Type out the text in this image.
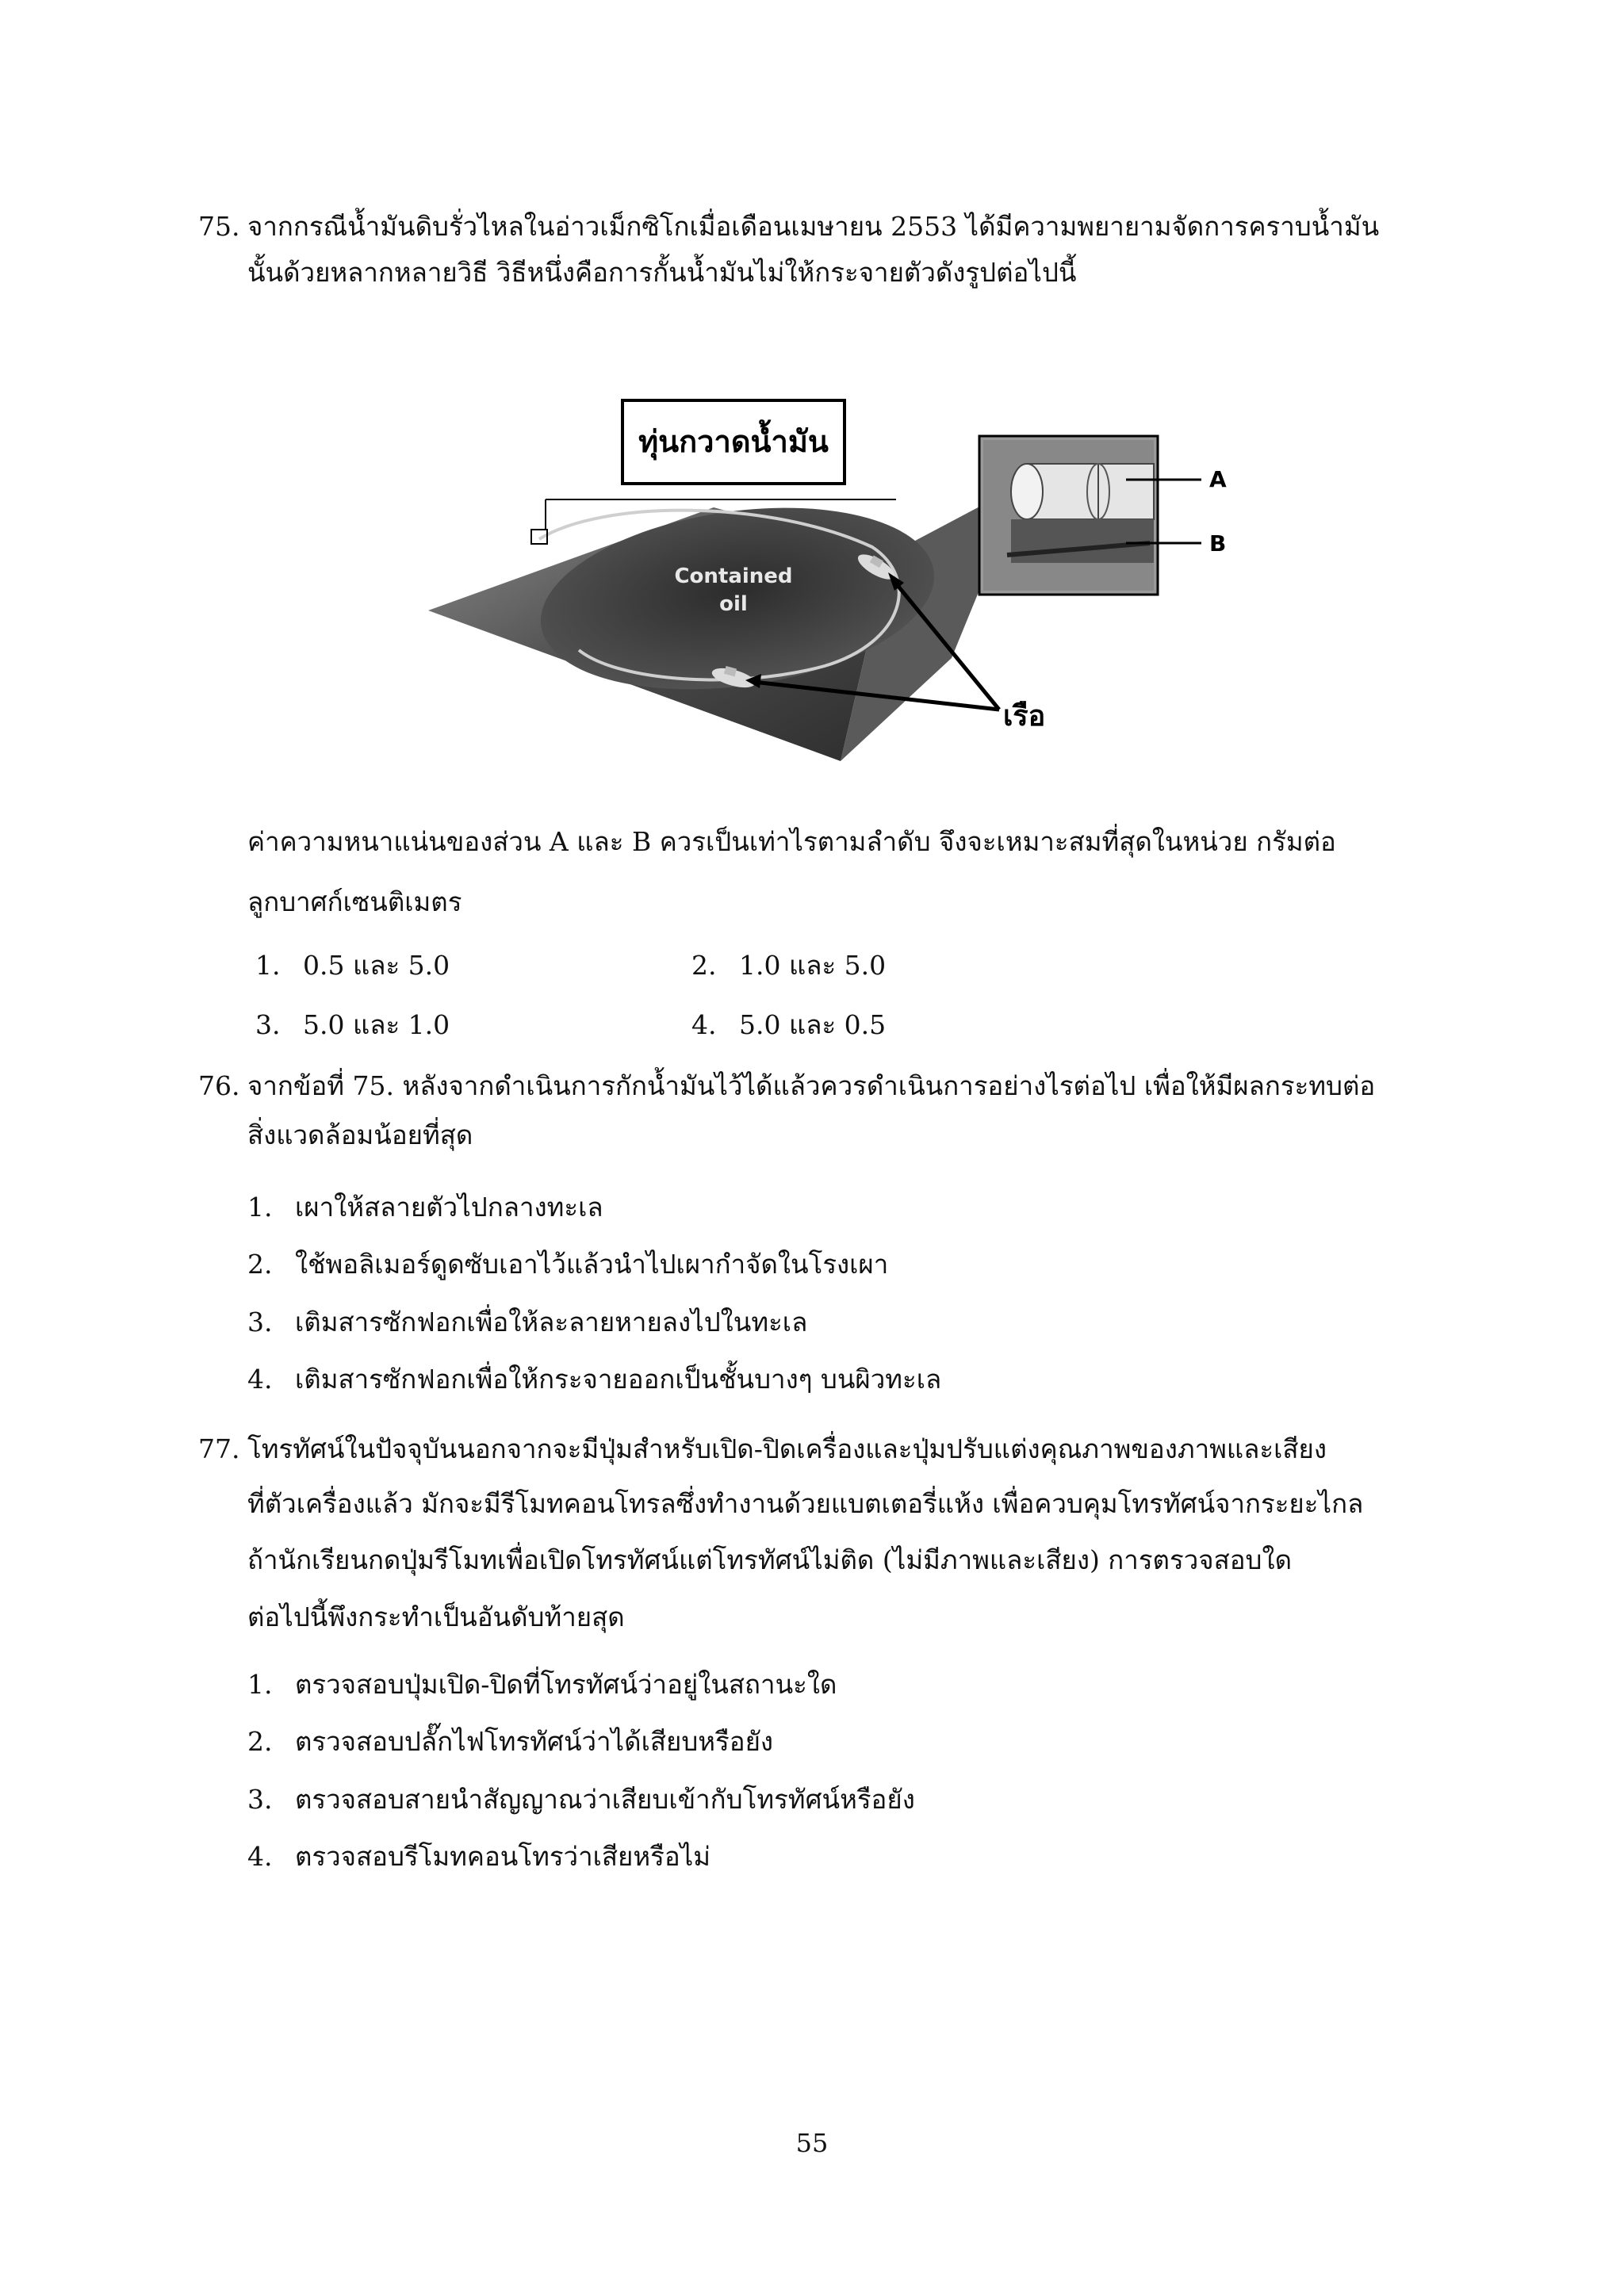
75. จากกรณีน้ำมันดิบรั่วไหลในอ่าวเม็กซิโกเมื่อเดือนเมษายน 2553 ได้มีความพยายามจัดการคราบน้ำมัน
นั้นด้วยหลากหลายวิธี วิธีหนึ่งคือการกั้นน้ำมันไม่ให้กระจายตัวดังรูปต่อไปนี้
ทุ่นกวาดน้ำมัน
Contained
oil
A
B
เรือ
ค่าความหนาแน่นของส่วน A และ B ควรเป็นเท่าไรตามลำดับ จึงจะเหมาะสมที่สุดในหน่วย กรัมต่อ
ลูกบาศก์เซนติเมตร
1. 0.5 และ 5.0	2. 1.0 และ 5.0
3. 5.0 และ 1.0	4. 5.0 และ 0.5
76. จากข้อที่ 75. หลังจากดำเนินการกักน้ำมันไว้ได้แล้วควรดำเนินการอย่างไรต่อไป เพื่อให้มีผลกระทบต่อ
สิ่งแวดล้อมน้อยที่สุด
1. เผาให้สลายตัวไปกลางทะเล
2. ใช้พอลิเมอร์ดูดซับเอาไว้แล้วนำไปเผากำจัดในโรงเผา
3. เติมสารซักฟอกเพื่อให้ละลายหายลงไปในทะเล
4. เติมสารซักฟอกเพื่อให้กระจายออกเป็นชั้นบางๆ บนผิวทะเล
77. โทรทัศน์ในปัจจุบันนอกจากจะมีปุ่มสำหรับเปิด-ปิดเครื่องและปุ่มปรับแต่งคุณภาพของภาพและเสียง
ที่ตัวเครื่องแล้ว มักจะมีรีโมทคอนโทรลซึ่งทำงานด้วยแบตเตอรี่แห้ง เพื่อควบคุมโทรทัศน์จากระยะไกล
ถ้านักเรียนกดปุ่มรีโมทเพื่อเปิดโทรทัศน์แต่โทรทัศน์ไม่ติด (ไม่มีภาพและเสียง) การตรวจสอบใด
ต่อไปนี้พึงกระทำเป็นอันดับท้ายสุด
1. ตรวจสอบปุ่มเปิด-ปิดที่โทรทัศน์ว่าอยู่ในสถานะใด
2. ตรวจสอบปลั๊กไฟโทรทัศน์ว่าได้เสียบหรือยัง
3. ตรวจสอบสายนำสัญญาณว่าเสียบเข้ากับโทรทัศน์หรือยัง
4. ตรวจสอบรีโมทคอนโทรว่าเสียหรือไม่
55
